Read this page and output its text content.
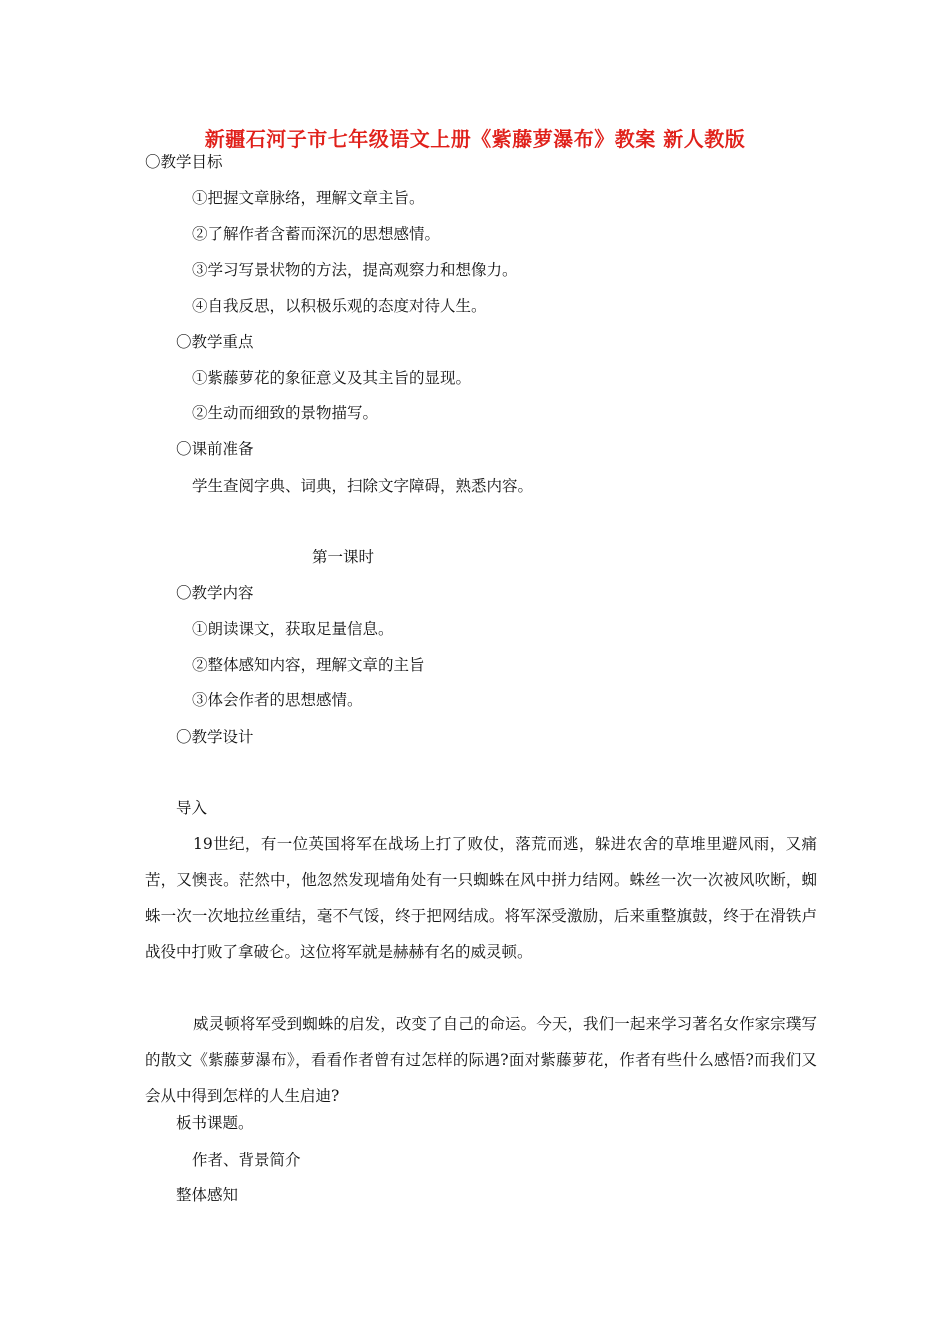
新疆石河子市七年级语文上册《紫藤萝瀑布》教案 新人教版
〇教学目标
①把握文章脉络，理解文章主旨。
②了解作者含蓄而深沉的思想感情。
③学习写景状物的方法，提高观察力和想像力。
④自我反思，以积极乐观的态度对待人生。
〇教学重点
①紫藤萝花的象征意义及其主旨的显现。
②生动而细致的景物描写。
〇课前准备
学生查阅字典、词典，扫除文字障碍，熟悉内容。
第一课时
〇教学内容
①朗读课文，获取足量信息。
②整体感知内容，理解文章的主旨
③体会作者的思想感情。
〇教学设计
导入
19世纪，有一位英国将军在战场上打了败仗，落荒而逃，躲进农舍的草堆里避风雨，又痛苦，又懊丧。茫然中，他忽然发现墙角处有一只蜘蛛在风中拼力结网。蛛丝一次一次被风吹断，蜘蛛一次一次地拉丝重结，毫不气馁，终于把网结成。将军深受激励，后来重整旗鼓，终于在滑铁卢战役中打败了拿破仑。这位将军就是赫赫有名的威灵顿。
威灵顿将军受到蜘蛛的启发，改变了自己的命运。今天，我们一起来学习著名女作家宗璞写的散文《紫藤萝瀑布》，看看作者曾有过怎样的际遇?面对紫藤萝花，作者有些什么感悟?而我们又会从中得到怎样的人生启迪?
板书课题。
作者、背景简介
整体感知
